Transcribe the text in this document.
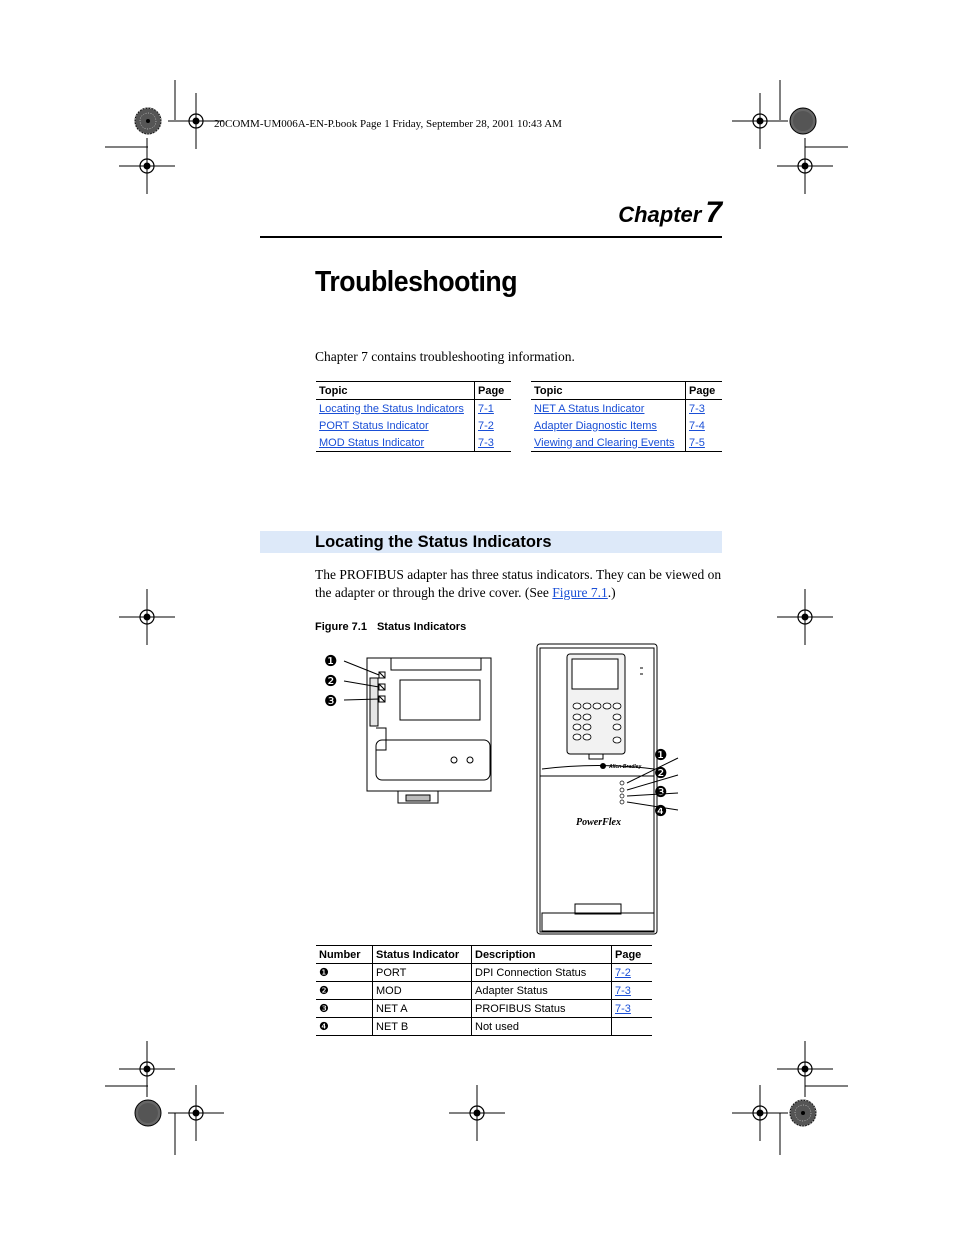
20COMM-UM006A-EN-P.book Page 1 Friday, September 28, 2001 10:43 AM
Chapter 7
Troubleshooting
Chapter 7 contains troubleshooting information.
Topic	Page
Locating the Status Indicators	7-1
PORT Status Indicator	7-2
MOD Status Indicator	7-3
Topic	Page
NET A Status Indicator	7-3
Adapter Diagnostic Items	7-4
Viewing and Clearing Events	7-5
Locating the Status Indicators
The PROFIBUS adapter has three status indicators. They can be viewed on the adapter or through the drive cover. (See Figure 7.1.)
Figure 7.1 Status Indicators
Allen-Bradley
PowerFlex
❶
❷
❸
❶
❷
❸
❹
Number	Status Indicator	Description	Page
❶	PORT	DPI Connection Status	7-2
❷	MOD	Adapter Status	7-3
❸	NET A	PROFIBUS Status	7-3
❹	NET B	Not used	
